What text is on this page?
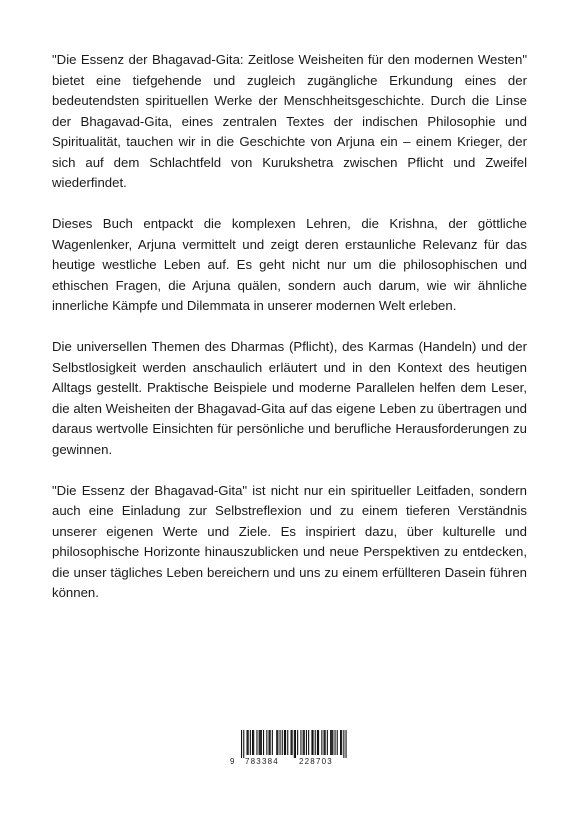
"Die Essenz der Bhagavad-Gita: Zeitlose Weisheiten für den modernen Westen" bietet eine tiefgehende und zugleich zugängliche Erkundung eines der bedeutendsten spirituellen Werke der Menschheitsgeschichte. Durch die Linse der Bhagavad-Gita, eines zentralen Textes der indischen Philosophie und Spiritualität, tauchen wir in die Geschichte von Arjuna ein – einem Krieger, der sich auf dem Schlachtfeld von Kurukshetra zwischen Pflicht und Zweifel wiederfindet.

Dieses Buch entpackt die komplexen Lehren, die Krishna, der göttliche Wagenlenker, Arjuna vermittelt und zeigt deren erstaunliche Relevanz für das heutige westliche Leben auf. Es geht nicht nur um die philosophischen und ethischen Fragen, die Arjuna quälen, sondern auch darum, wie wir ähnliche innerliche Kämpfe und Dilemmata in unserer modernen Welt erleben.

Die universellen Themen des Dharmas (Pflicht), des Karmas (Handeln) und der Selbstlosigkeit werden anschaulich erläutert und in den Kontext des heutigen Alltags gestellt. Praktische Beispiele und moderne Parallelen helfen dem Leser, die alten Weisheiten der Bhagavad-Gita auf das eigene Leben zu übertragen und daraus wertvolle Einsichten für persönliche und berufliche Herausforderungen zu gewinnen.

"Die Essenz der Bhagavad-Gita" ist nicht nur ein spiritueller Leitfaden, sondern auch eine Einladung zur Selbstreflexion und zu einem tieferen Verständnis unserer eigenen Werte und Ziele. Es inspiriert dazu, über kulturelle und philosophische Horizonte hinauszublicken und neue Perspektiven zu entdecken, die unser tägliches Leben bereichern und uns zu einem erfüllteren Dasein führen können.

9 783384	228703
